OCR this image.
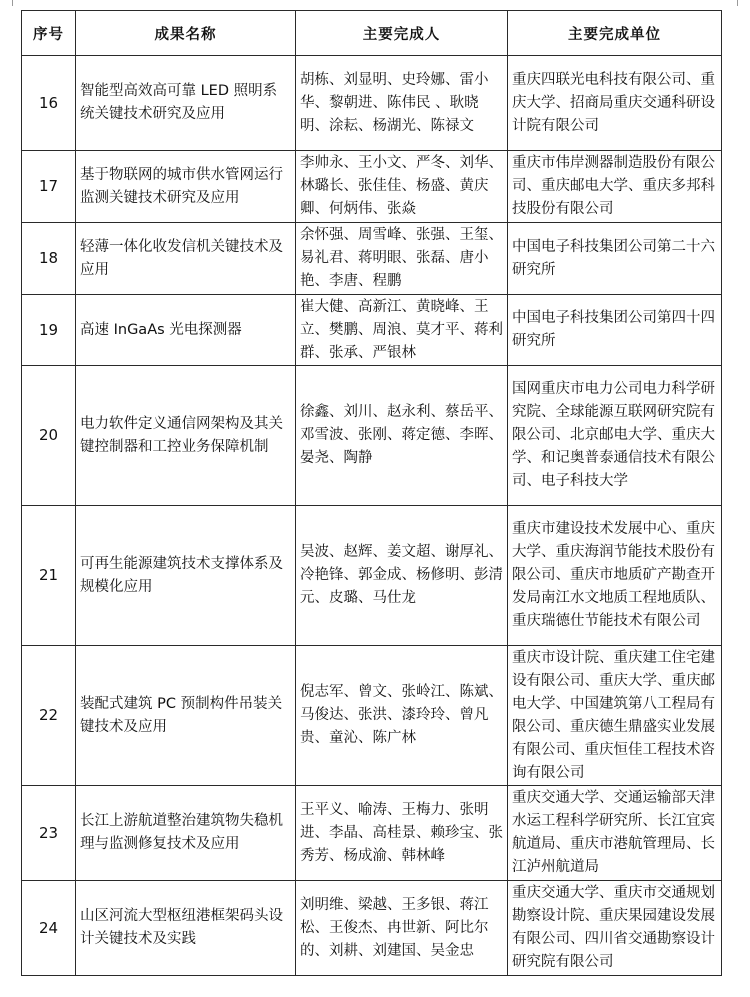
序号	成果名称	主要完成人	主要完成单位
16	智能型高效高可靠 LED 照明系统关键技术研究及应用	胡栋、刘显明、史玲娜、雷小华、黎朝进、陈伟民 、耿晓明、涂耘、杨湖光、陈禄文	重庆四联光电科技有限公司、重庆大学、招商局重庆交通科研设计院有限公司
17	基于物联网的城市供水管网运行监测关键技术研究及应用	李帅永、王小文、严冬、刘华、林璐长、张佳佳、杨盛、黄庆卿、何炳伟、张焱	重庆市伟岸测器制造股份有限公司、重庆邮电大学、重庆多邦科技股份有限公司
18	轻薄一体化收发信机关键技术及应用	余怀强、周雪峰、张强、王玺、易礼君、蒋明眼、张磊、唐小艳、李唐、程鹏	中国电子科技集团公司第二十六研究所
19	高速 InGaAs 光电探测器	崔大健、高新江、黄晓峰、王立、樊鹏、周浪、莫才平、蒋利群、张承、严银林	中国电子科技集团公司第四十四研究所
20	电力软件定义通信网架构及其关键控制器和工控业务保障机制	徐鑫、刘川、赵永利、蔡岳平、邓雪波、张刚、蒋定德、李晖、晏尧、陶静	国网重庆市电力公司电力科学研究院、全球能源互联网研究院有限公司、北京邮电大学、重庆大学、和记奥普泰通信技术有限公司、电子科技大学
21	可再生能源建筑技术支撑体系及规模化应用	吴波、赵辉、姜文超、谢厚礼、冷艳锋、郭金成、杨修明、彭清元、皮璐、马仕龙	重庆市建设技术发展中心、重庆大学、重庆海润节能技术股份有限公司、重庆市地质矿产勘查开发局南江水文地质工程地质队、重庆瑞德仕节能技术有限公司
22	装配式建筑 PC 预制构件吊装关键技术及应用	倪志军、曾文、张岭江、陈斌、马俊达、张洪、漆玲玲、曾凡贵、童沁、陈广林	重庆市设计院、重庆建工住宅建设有限公司、重庆大学、重庆邮电大学、中国建筑第八工程局有限公司、重庆德生鼎盛实业发展有限公司、重庆恒佳工程技术咨询有限公司
23	长江上游航道整治建筑物失稳机理与监测修复技术及应用	王平义、喻涛、王梅力、张明进、李晶、高桂景、赖珍宝、张秀芳、杨成渝、韩林峰	重庆交通大学、交通运输部天津水运工程科学研究所、长江宜宾航道局、重庆市港航管理局、长江泸州航道局
24	山区河流大型枢纽港框架码头设计关键技术及实践	刘明维、梁越、王多银、蒋江松、王俊杰、冉世新、阿比尔的、刘耕、刘建国、吴金忠	重庆交通大学、重庆市交通规划勘察设计院、重庆果园建设发展有限公司、四川省交通勘察设计研究院有限公司
